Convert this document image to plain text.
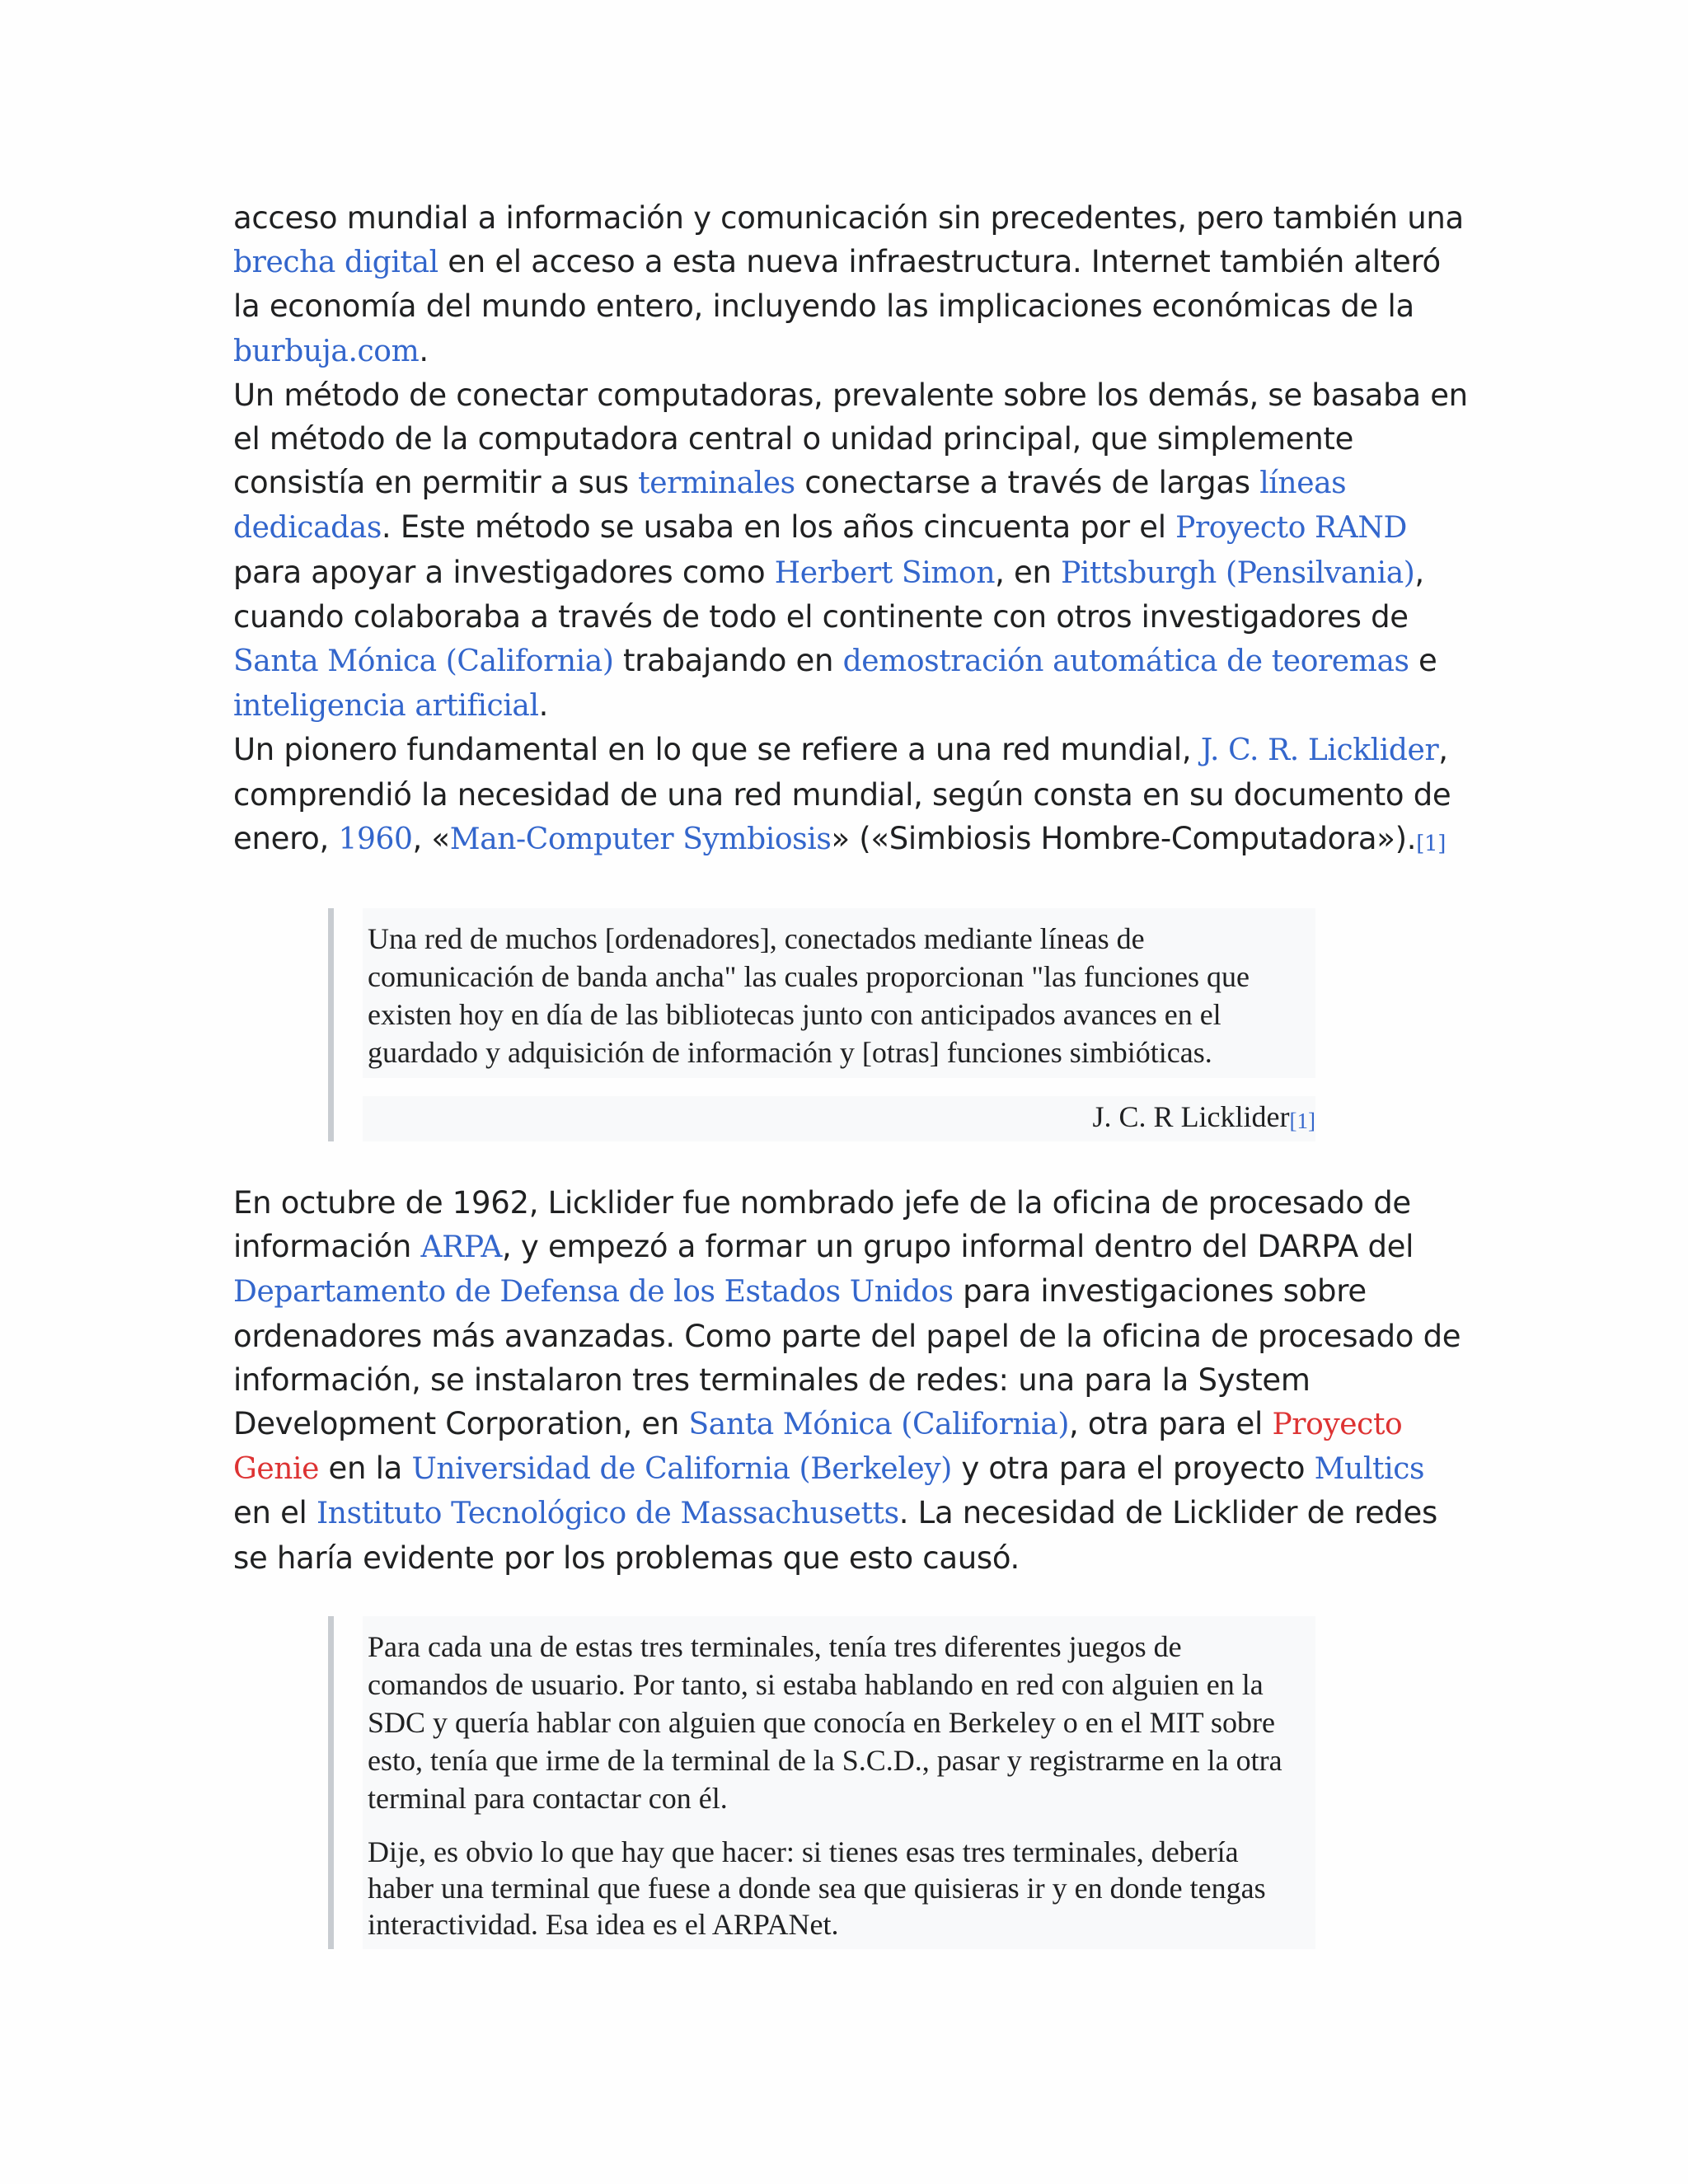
acceso mundial a información y comunicación sin precedentes, pero también una brecha digital en el acceso a esta nueva infraestructura. Internet también alteró la economía del mundo entero, incluyendo las implicaciones económicas de la burbuja.com.

Un método de conectar computadoras, prevalente sobre los demás, se basaba en el método de la computadora central o unidad principal, que simplemente consistía en permitir a sus terminales conectarse a través de largas líneas dedicadas. Este método se usaba en los años cincuenta por el Proyecto RAND para apoyar a investigadores como Herbert Simon, en Pittsburgh (Pensilvania), cuando colaboraba a través de todo el continente con otros investigadores de Santa Mónica (California) trabajando en demostración automática de teoremas e inteligencia artificial.

Un pionero fundamental en lo que se refiere a una red mundial, J. C. R. Licklider, comprendió la necesidad de una red mundial, según consta en su documento de enero, 1960, «Man-Computer Symbiosis» («Simbiosis Hombre-Computadora»).[1]

Una red de muchos [ordenadores], conectados mediante líneas de comunicación de banda ancha" las cuales proporcionan "las funciones que existen hoy en día de las bibliotecas junto con anticipados avances en el guardado y adquisición de información y [otras] funciones simbióticas.

J. C. R Licklider[1]

En octubre de 1962, Licklider fue nombrado jefe de la oficina de procesado de información ARPA, y empezó a formar un grupo informal dentro del DARPA del Departamento de Defensa de los Estados Unidos para investigaciones sobre ordenadores más avanzadas. Como parte del papel de la oficina de procesado de información, se instalaron tres terminales de redes: una para la System Development Corporation, en Santa Mónica (California), otra para el Proyecto Genie en la Universidad de California (Berkeley) y otra para el proyecto Multics en el Instituto Tecnológico de Massachusetts. La necesidad de Licklider de redes se haría evidente por los problemas que esto causó.

Para cada una de estas tres terminales, tenía tres diferentes juegos de comandos de usuario. Por tanto, si estaba hablando en red con alguien en la SDC y quería hablar con alguien que conocía en Berkeley o en el MIT sobre esto, tenía que irme de la terminal de la S.C.D., pasar y registrarme en la otra terminal para contactar con él.

Dije, es obvio lo que hay que hacer: si tienes esas tres terminales, debería haber una terminal que fuese a donde sea que quisieras ir y en donde tengas interactividad. Esa idea es el ARPANet.
